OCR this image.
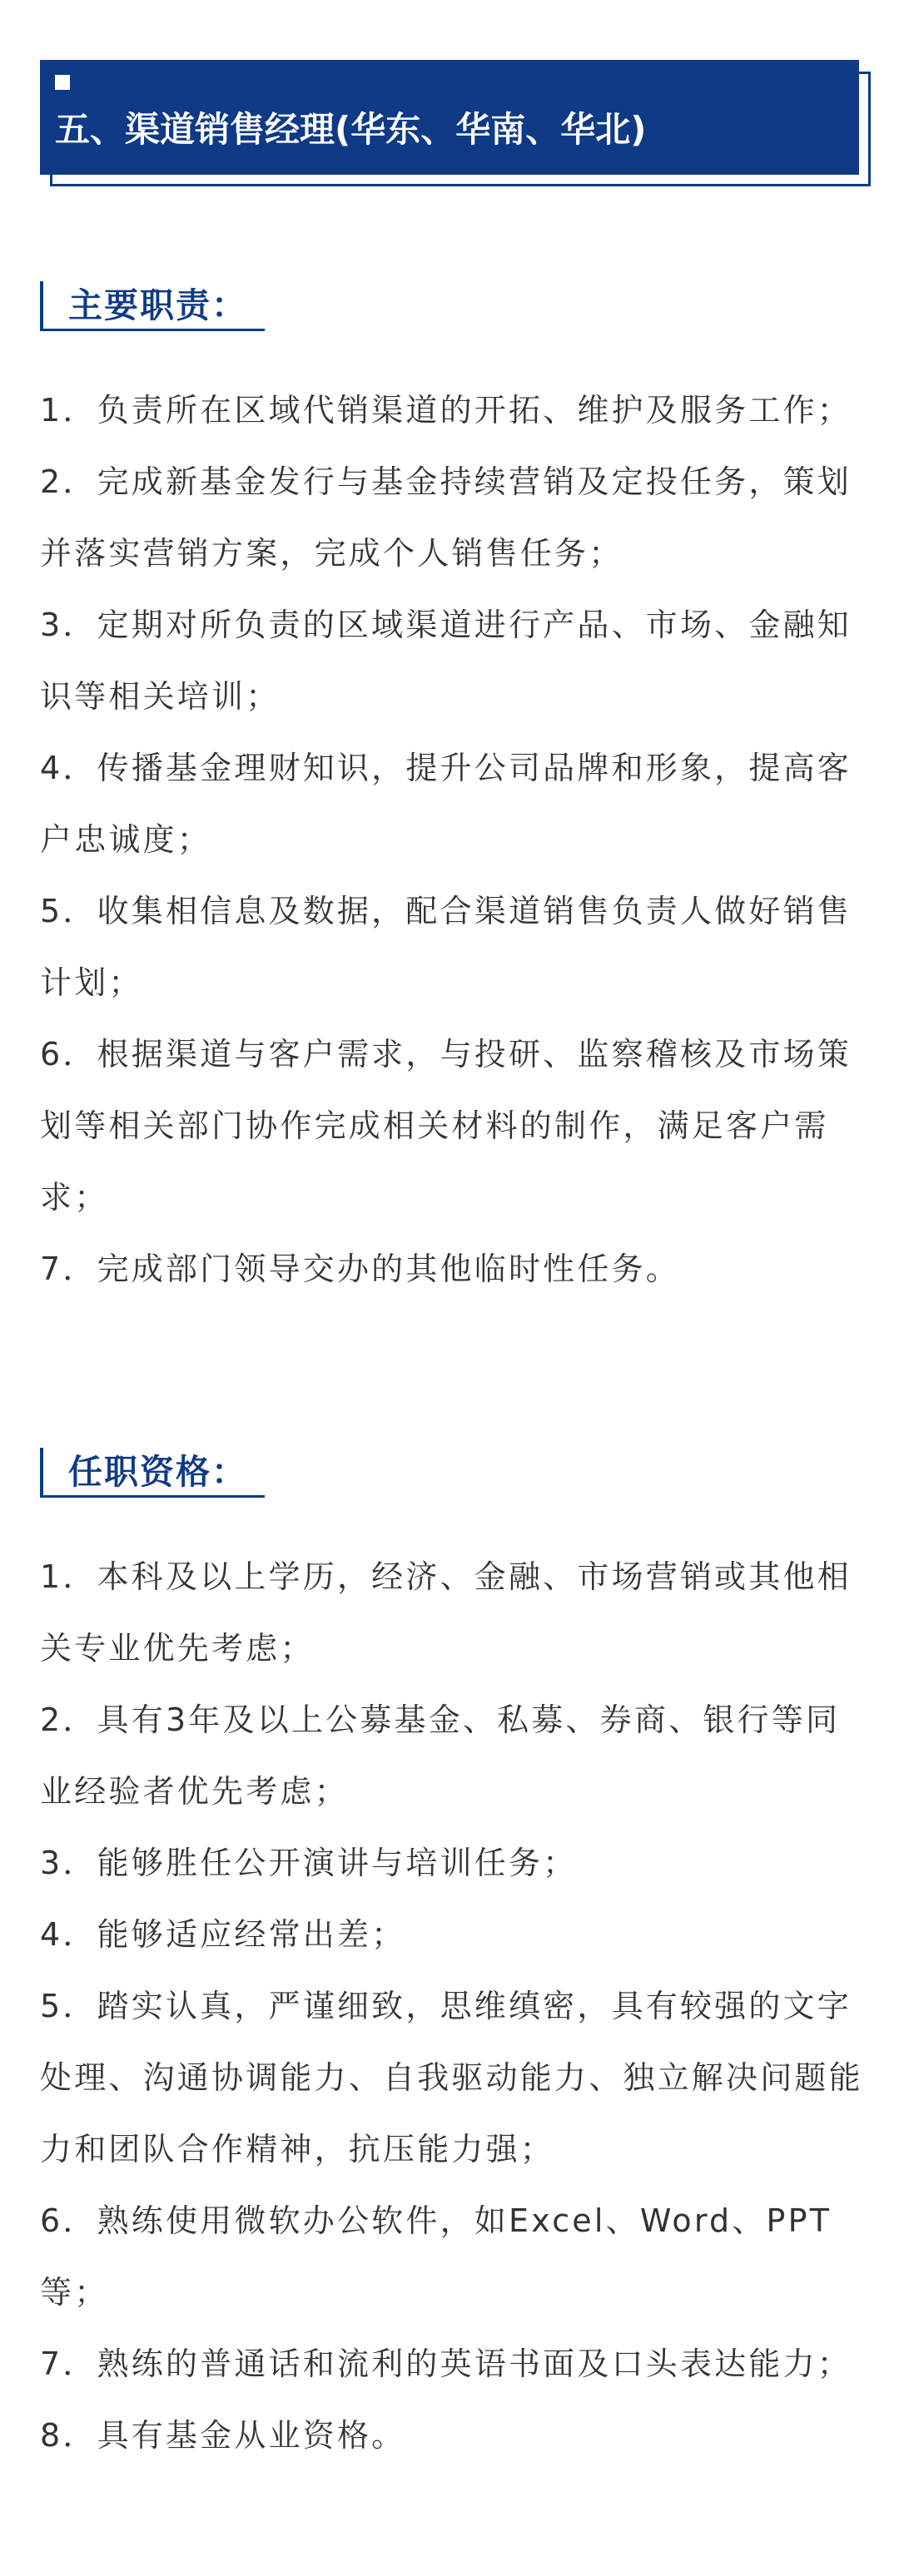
五、渠道销售经理(华东、华南、华北)
主要职责：
1．负责所在区域代销渠道的开拓、维护及服务工作；
2．完成新基金发行与基金持续营销及定投任务，策划并落实营销方案，完成个人销售任务；
3．定期对所负责的区域渠道进行产品、市场、金融知识等相关培训；
4．传播基金理财知识，提升公司品牌和形象，提高客户忠诚度；
5．收集相信息及数据，配合渠道销售负责人做好销售计划；
6．根据渠道与客户需求，与投研、监察稽核及市场策划等相关部门协作完成相关材料的制作，满足客户需求；
7．完成部门领导交办的其他临时性任务。
任职资格：
1．本科及以上学历，经济、金融、市场营销或其他相关专业优先考虑；
2．具有3年及以上公募基金、私募、券商、银行等同业经验者优先考虑；
3．能够胜任公开演讲与培训任务；
4．能够适应经常出差；
5．踏实认真，严谨细致，思维缜密，具有较强的文字处理、沟通协调能力、自我驱动能力、独立解决问题能力和团队合作精神，抗压能力强；
6．熟练使用微软办公软件，如Excel、Word、PPT等；
7．熟练的普通话和流利的英语书面及口头表达能力；
8．具有基金从业资格。
